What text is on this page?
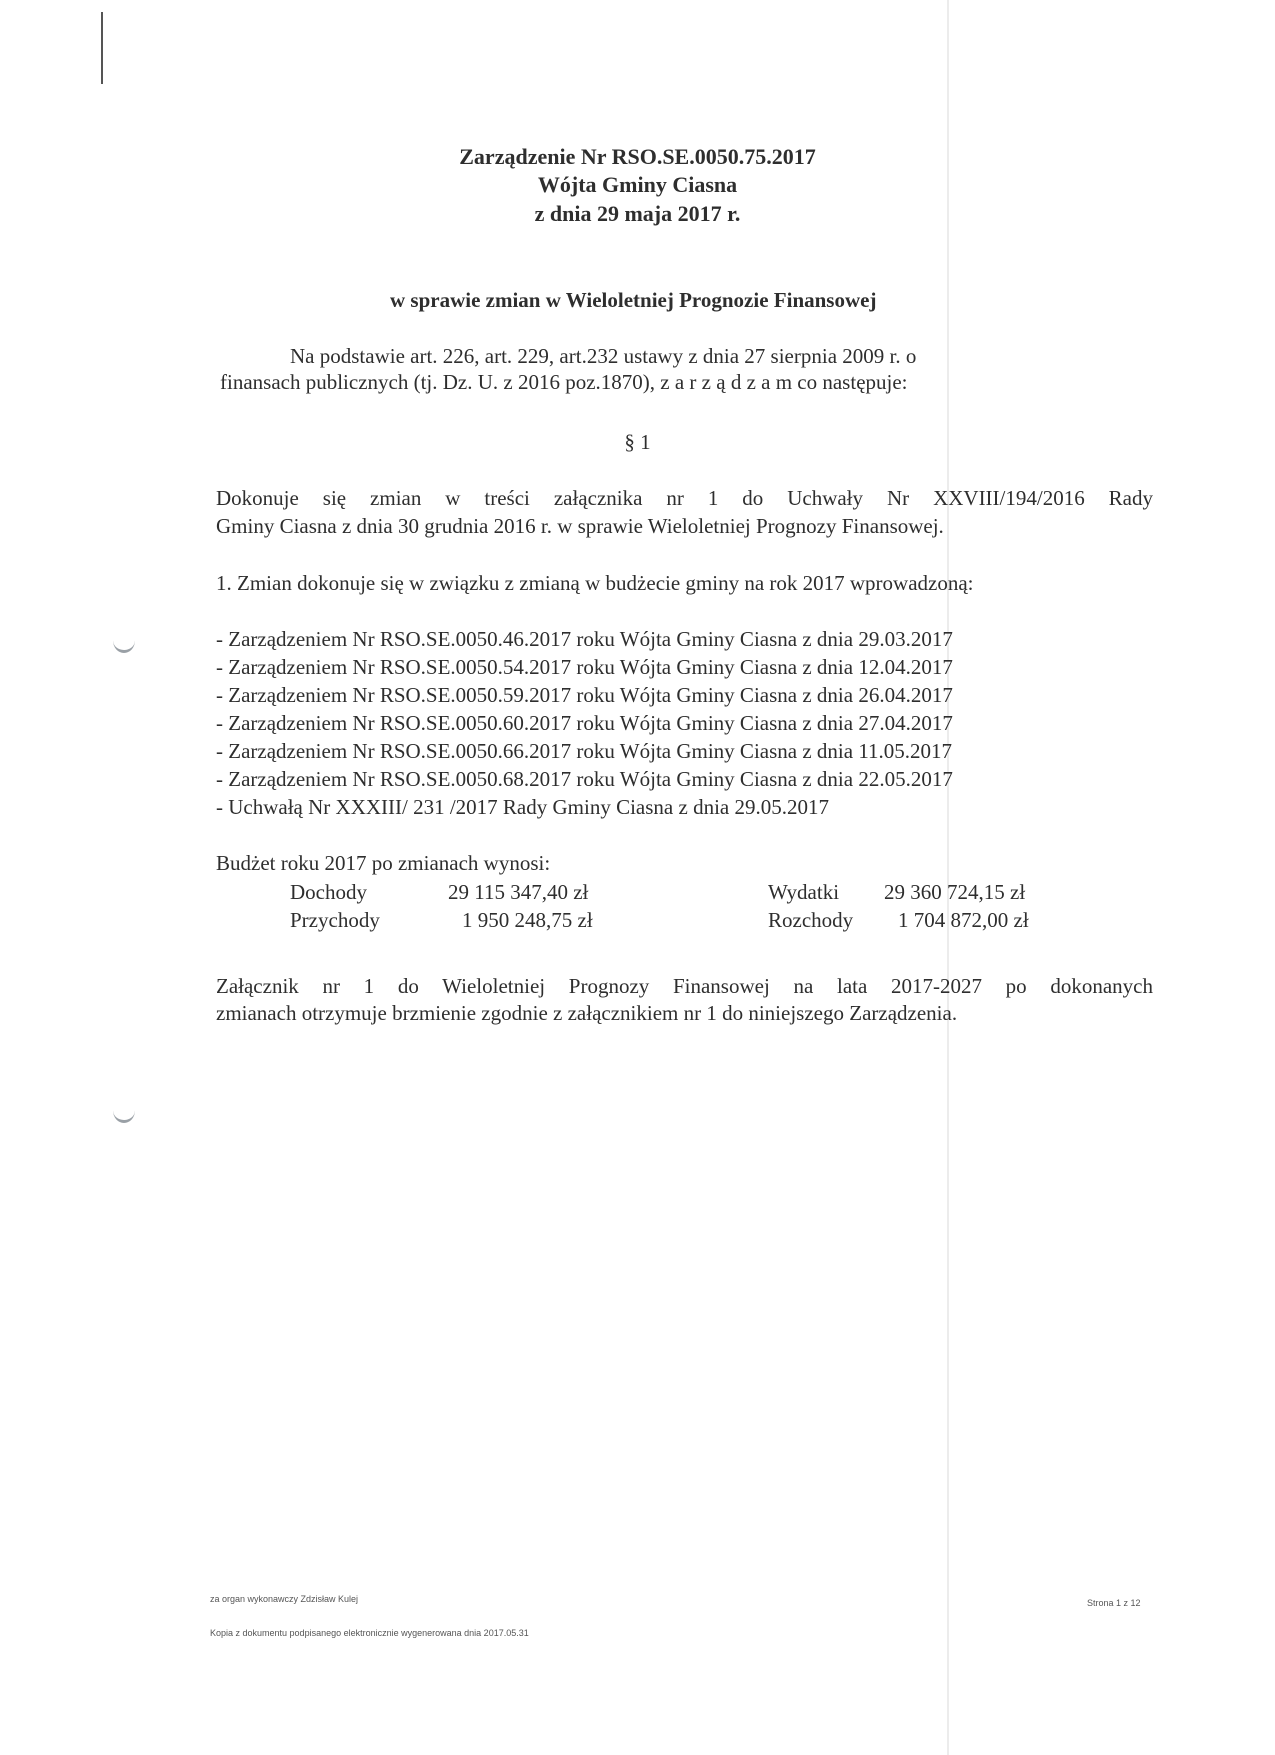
Zarządzenie Nr RSO.SE.0050.75.2017
Wójta Gminy Ciasna
z dnia 29 maja 2017 r.
w sprawie zmian w Wieloletniej Prognozie Finansowej
Na podstawie art. 226, art. 229, art.232 ustawy z dnia 27 sierpnia 2009 r. o
finansach publicznych (tj. Dz. U. z 2016 poz.1870), z a r z ą d z a m co następuje:
§ 1
Dokonuje się zmian w treści załącznika nr 1 do Uchwały Nr XXVIII/194/2016 Rady
Gminy Ciasna z dnia 30 grudnia 2016 r. w sprawie Wieloletniej Prognozy Finansowej.
1. Zmian dokonuje się w związku z zmianą w budżecie gminy na rok 2017 wprowadzoną:
- Zarządzeniem Nr RSO.SE.0050.46.2017 roku Wójta Gminy Ciasna z dnia 29.03.2017
- Zarządzeniem Nr RSO.SE.0050.54.2017 roku Wójta Gminy Ciasna z dnia 12.04.2017
- Zarządzeniem Nr RSO.SE.0050.59.2017 roku Wójta Gminy Ciasna z dnia 26.04.2017
- Zarządzeniem Nr RSO.SE.0050.60.2017 roku Wójta Gminy Ciasna z dnia 27.04.2017
- Zarządzeniem Nr RSO.SE.0050.66.2017 roku Wójta Gminy Ciasna z dnia 11.05.2017
- Zarządzeniem Nr RSO.SE.0050.68.2017 roku Wójta Gminy Ciasna z dnia 22.05.2017
- Uchwałą Nr XXXIII/ 231 /2017 Rady Gminy Ciasna z dnia 29.05.2017
Budżet roku 2017 po zmianach wynosi:
Dochody	29 115 347,40 zł	Wydatki 29 360 724,15 zł
Przychody	1 950 248,75 zł	Rozchody 1 704 872,00 zł
Załącznik nr 1 do Wieloletniej Prognozy Finansowej na lata 2017-2027 po dokonanych
zmianach otrzymuje brzmienie zgodnie z załącznikiem nr 1 do niniejszego Zarządzenia.
za organ wykonawczy Zdzisław Kulej	Strona 1 z 12
Kopia z dokumentu podpisanego elektronicznie wygenerowana dnia 2017.05.31
